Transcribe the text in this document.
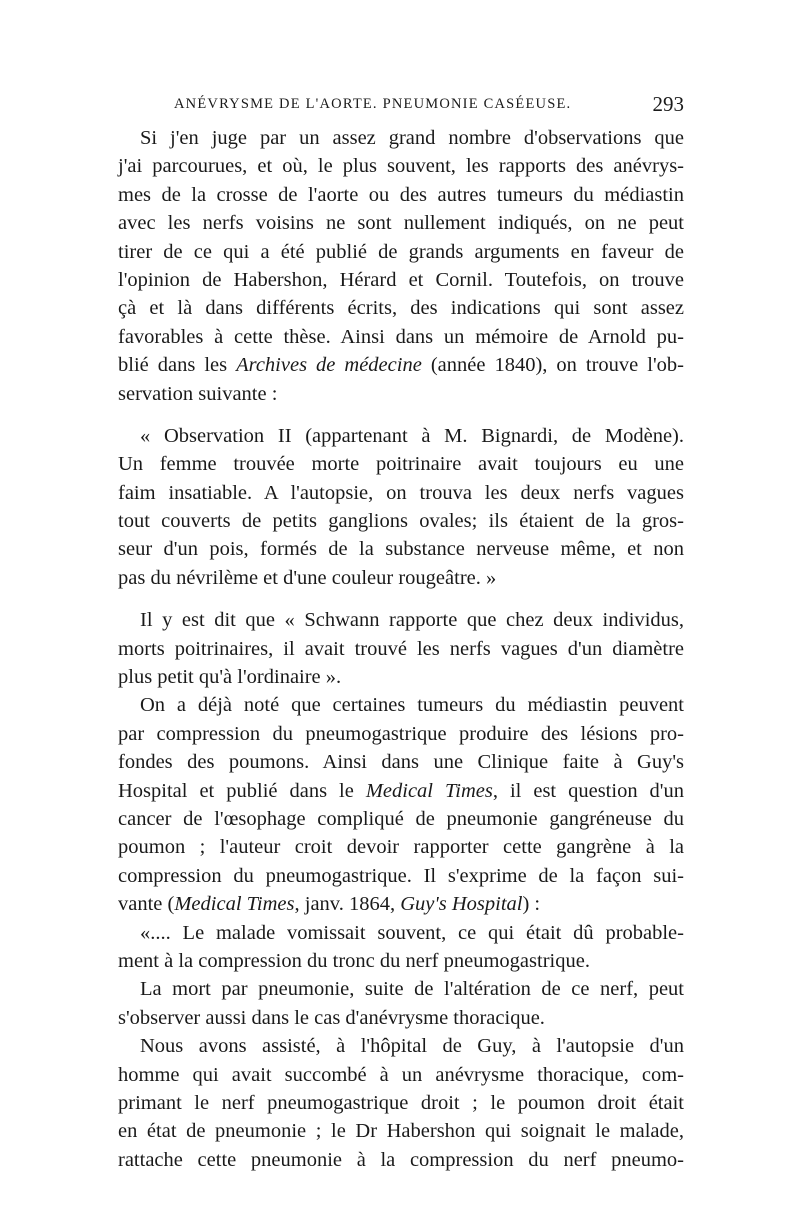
ANÉVRYSME DE L'AORTE. PNEUMONIE CASÉEUSE.	293
Si j'en juge par un assez grand nombre d'observations que
j'ai parcourues, et où, le plus souvent, les rapports des anévrys-
mes de la crosse de l'aorte ou des autres tumeurs du médiastin
avec les nerfs voisins ne sont nullement indiqués, on ne peut
tirer de ce qui a été publié de grands arguments en faveur de
l'opinion de Habershon, Hérard et Cornil. Toutefois, on trouve
çà et là dans différents écrits, des indications qui sont assez
favorables à cette thèse. Ainsi dans un mémoire de Arnold pu-
blié dans les Archives de médecine (année 1840), on trouve l'ob-
servation suivante :
« Observation II (appartenant à M. Bignardi, de Modène).
Un femme trouvée morte poitrinaire avait toujours eu une
faim insatiable. A l'autopsie, on trouva les deux nerfs vagues
tout couverts de petits ganglions ovales; ils étaient de la gros-
seur d'un pois, formés de la substance nerveuse même, et non
pas du névrilème et d'une couleur rougeâtre. »
Il y est dit que « Schwann rapporte que chez deux individus,
morts poitrinaires, il avait trouvé les nerfs vagues d'un diamètre
plus petit qu'à l'ordinaire ».
On a déjà noté que certaines tumeurs du médiastin peuvent
par compression du pneumogastrique produire des lésions pro-
fondes des poumons. Ainsi dans une Clinique faite à Guy's
Hospital et publié dans le Medical Times, il est question d'un
cancer de l'œsophage compliqué de pneumonie gangréneuse du
poumon ; l'auteur croit devoir rapporter cette gangrène à la
compression du pneumogastrique. Il s'exprime de la façon sui-
vante (Medical Times, janv. 1864, Guy's Hospital) :
«.... Le malade vomissait souvent, ce qui était dû probable-
ment à la compression du tronc du nerf pneumogastrique.
La mort par pneumonie, suite de l'altération de ce nerf, peut
s'observer aussi dans le cas d'anévrysme thoracique.
Nous avons assisté, à l'hôpital de Guy, à l'autopsie d'un
homme qui avait succombé à un anévrysme thoracique, com-
primant le nerf pneumogastrique droit ; le poumon droit était
en état de pneumonie ; le Dr Habershon qui soignait le malade,
rattache cette pneumonie à la compression du nerf pneumo-
